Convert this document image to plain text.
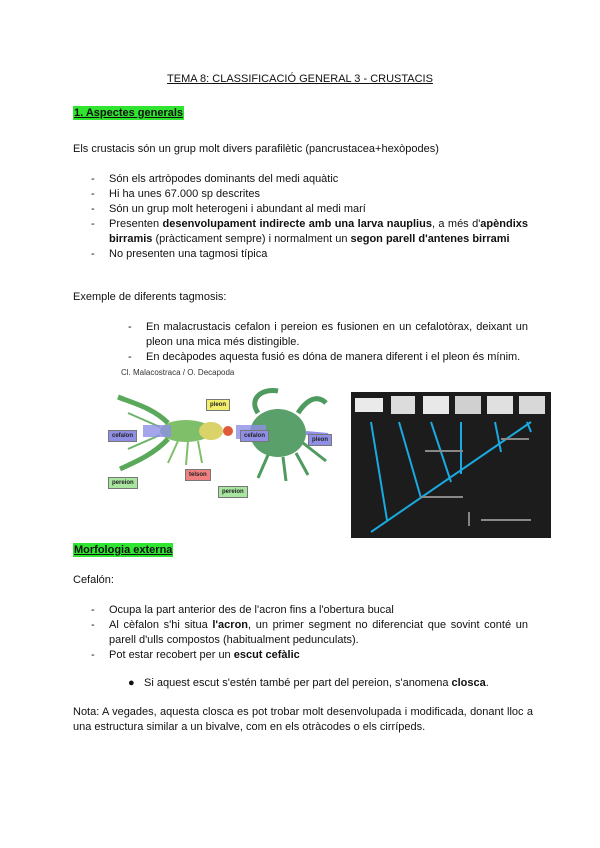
TEMA 8: CLASSIFICACIÓ GENERAL 3 - CRUSTACIS
1. Aspectes generals
Els crustacis són un grup molt divers parafilètic (pancrustacea+hexòpodes)
- Són els artròpodes dominants del medi aquàtic
- Hi ha unes 67.000 sp descrites
- Són un grup molt heterogeni i abundant al medi marí
- Presenten desenvolupament indirecte amb una larva nauplius, a més d'apèndixs birramis (pràcticament sempre) i normalment un segon parell d'antenes birrami
- No presenten una tagmosi típica
Exemple de diferents tagmosis:
- En malacrustacis cefalon i pereion es fusionen en un cefalotòrax, deixant un pleon una mica més distingible.
- En decàpodes aquesta fusió es dóna de manera diferent i el pleon és mínim.
Cl. Malacostraca / O. Decapoda
pleon
cefalon	cefalon
pleon
telson
pereion
pereion
Morfologia externa
Cefalón:
- Ocupa la part anterior des de l'acron fins a l'obertura bucal
- Al cèfalon s'hi situa l'acron, un primer segment no diferenciat que sovint conté un parell d'ulls compostos (habitualment pedunculats).
- Pot estar recobert per un escut cefàlic
● Si aquest escut s'estén també per part del pereion, s'anomena closca.
Nota: A vegades, aquesta closca es pot trobar molt desenvolupada i modificada, donant lloc a una estructura similar a un bivalve, com en els otràcodes o els cirrípeds.
